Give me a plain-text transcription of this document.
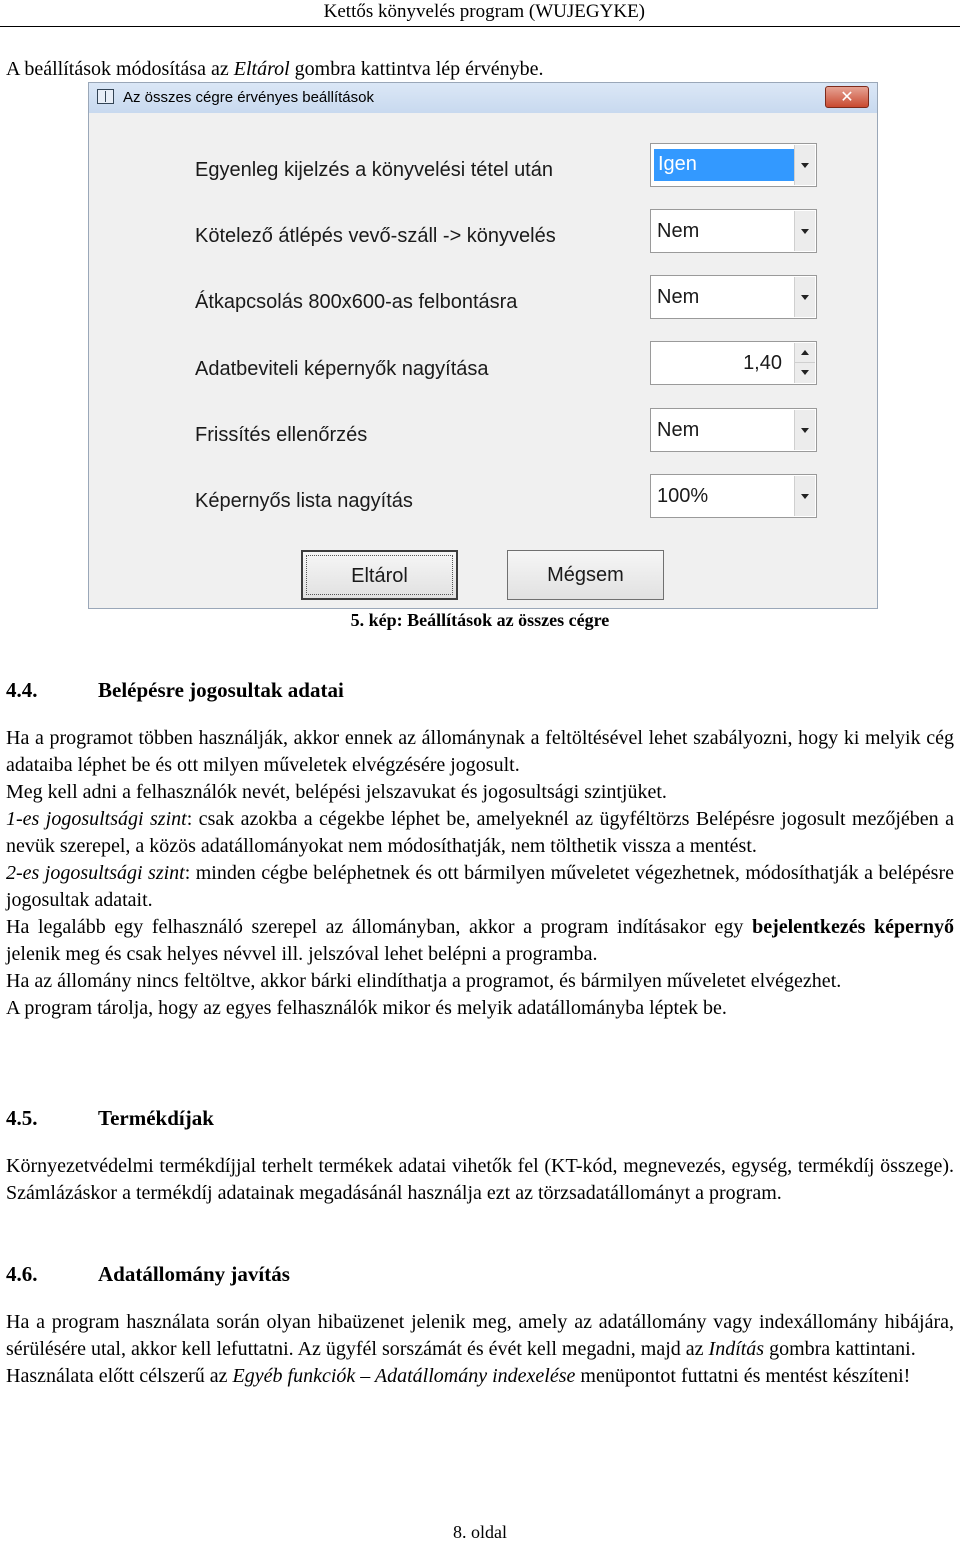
Kettős könyvelés program (WUJEGYKE)
A beállítások módosítása az Eltárol gombra kattintva lép érvénybe.
Az összes cégre érvényes beállítások	✕
Egyenleg kijelzés a könyvelési tétel után	Igen
Kötelező átlépés vevő-száll -> könyvelés	Nem
Átkapcsolás 800x600-as felbontásra	Nem
Adatbeviteli képernyők nagyítása	1,40
Frissítés ellenőrzés	Nem
Képernyős lista nagyítás	100%
Eltárol	Mégsem
5. kép: Beállítások az összes cégre
4.4.	Belépésre jogosultak adatai

Ha a programot többen használják, akkor ennek az állománynak a feltöltésével lehet szabályozni, hogy ki melyik cég adataiba léphet be és ott milyen műveletek elvégzésére jogosult.

Meg kell adni a felhasználók nevét, belépési jelszavukat és jogosultsági szintjüket.

1-es jogosultsági szint: csak azokba a cégekbe léphet be, amelyeknél az ügyféltörzs Belépésre jogosult mezőjében a nevük szerepel, a közös adatállományokat nem módosíthatják, nem tölthetik vissza a mentést.

2-es jogosultsági szint: minden cégbe beléphetnek és ott bármilyen műveletet végezhetnek, módosíthatják a belépésre jogosultak adatait.

Ha legalább egy felhasználó szerepel az állományban, akkor a program indításakor egy bejelentkezés képernyő jelenik meg és csak helyes névvel ill. jelszóval lehet belépni a programba.

Ha az állomány nincs feltöltve, akkor bárki elindíthatja a programot, és bármilyen műveletet elvégezhet.

A program tárolja, hogy az egyes felhasználók mikor és melyik adatállományba léptek be.

4.5.	Termékdíjak

Környezetvédelmi termékdíjjal terhelt termékek adatai vihetők fel (KT-kód, megnevezés, egység, termékdíj összege). Számlázáskor a termékdíj adatainak megadásánál használja ezt az törzsadatállományt a program.

4.6.	Adatállomány javítás

Ha a program használata során olyan hibaüzenet jelenik meg, amely az adatállomány vagy indexállomány hibájára, sérülésére utal, akkor kell lefuttatni. Az ügyfél sorszámát és évét kell megadni, majd az Indítás gombra kattintani.

Használata előtt célszerű az Egyéb funkciók – Adatállomány indexelése menüpontot futtatni és mentést készíteni!

8. oldal
